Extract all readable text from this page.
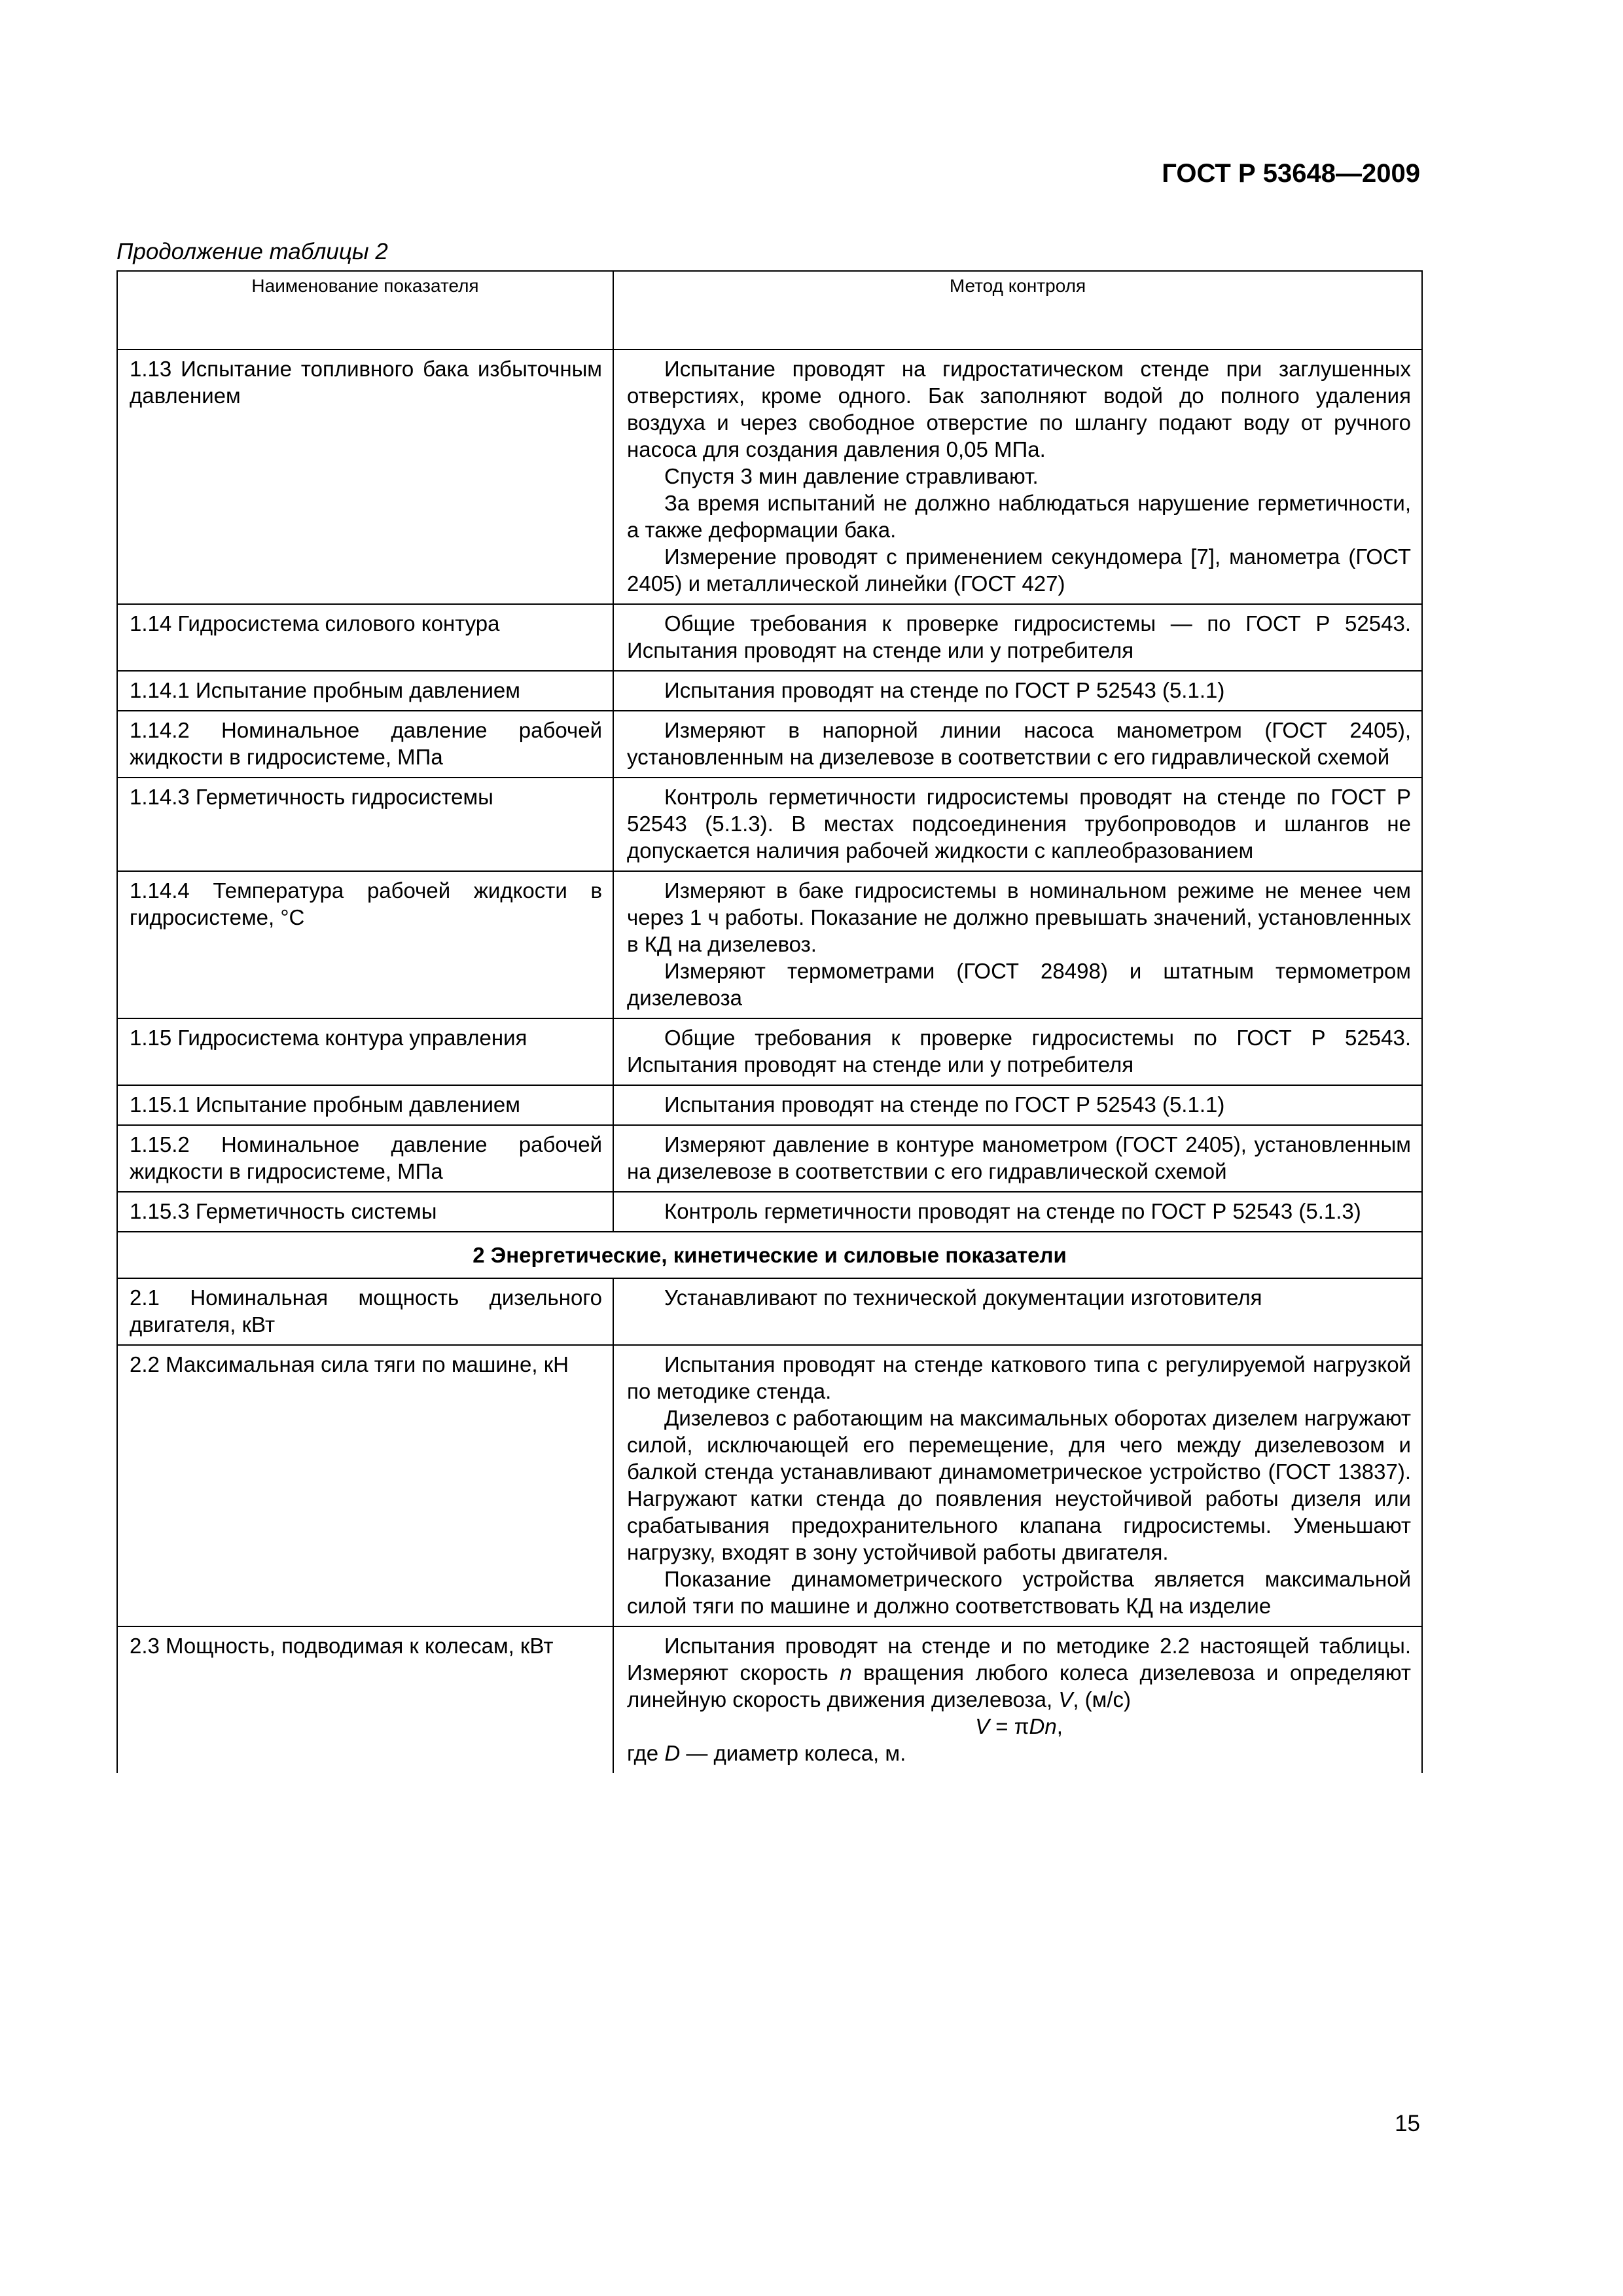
ГОСТ Р 53648—2009
Продолжение таблицы 2
Наименование показателя	Метод контроля
1.13 Испытание топливного бака избыточным давлением	Испытание проводят на гидростатическом стенде при заглушенных отверстиях, кроме одного. Бак заполняют водой до полного удаления воздуха и через свободное отверстие по шлангу подают воду от ручного насоса для создания давления 0,05 МПа.

Спустя 3 мин давление стравливают.

За время испытаний не должно наблюдаться нарушение герметичности, а также деформации бака.

Измерение проводят с применением секундомера [7], манометра (ГОСТ 2405) и металлической линейки (ГОСТ 427)

1.14 Гидросистема силового контура	Общие требования к проверке гидросистемы — по ГОСТ Р 52543. Испытания проводят на стенде или у потребителя

1.14.1 Испытание пробным давлением	Испытания проводят на стенде по ГОСТ Р 52543 (5.1.1)

1.14.2 Номинальное давление рабочей жидкости в гидросистеме, МПа	Измеряют в напорной линии насоса манометром (ГОСТ 2405), установленным на дизелевозе в соответствии с его гидравлической схемой

1.14.3 Герметичность гидросистемы	Контроль герметичности гидросистемы проводят на стенде по ГОСТ Р 52543 (5.1.3). В местах подсоединения трубопроводов и шлангов не допускается наличия рабочей жидкости с каплеобразованием

1.14.4 Температура рабочей жидкости в гидросистеме, °С	Измеряют в баке гидросистемы в номинальном режиме не менее чем через 1 ч работы. Показание не должно превышать значений, установленных в КД на дизелевоз.

Измеряют термометрами (ГОСТ 28498) и штатным термометром дизелевоза

1.15 Гидросистема контура управления	Общие требования к проверке гидросистемы по ГОСТ Р 52543. Испытания проводят на стенде или у потребителя

1.15.1 Испытание пробным давлением	Испытания проводят на стенде по ГОСТ Р 52543 (5.1.1)

1.15.2 Номинальное давление рабочей жидкости в гидросистеме, МПа	Измеряют давление в контуре манометром (ГОСТ 2405), установленным на дизелевозе в соответствии с его гидравлической схемой

1.15.3 Герметичность системы	Контроль герметичности проводят на стенде по ГОСТ Р 52543 (5.1.3)

2 Энергетические, кинетические и силовые показатели	
2.1 Номинальная мощность дизельного двигателя, кВт	Устанавливают по технической документации изготовителя

2.2 Максимальная сила тяги по машине, кН	Испытания проводят на стенде каткового типа с регулируемой нагрузкой по методике стенда.

Дизелевоз с работающим на максимальных оборотах дизелем нагружают силой, исключающей его перемещение, для чего между дизелевозом и балкой стенда устанавливают динамометрическое устройство (ГОСТ 13837). Нагружают катки стенда до появления неустойчивой работы дизеля или срабатывания предохранительного клапана гидросистемы. Уменьшают нагрузку, входят в зону устойчивой работы двигателя.

Показание динамометрического устройства является максимальной силой тяги по машине и должно соответствовать КД на изделие

2.3 Мощность, подводимая к колесам, кВт	Испытания проводят на стенде и по методике 2.2 настоящей таблицы. Измеряют скорость n вращения любого колеса дизелевоза и определяют линейную скорость движения дизелевоза, V, (м/с)

V = πDn,

где D — диаметр колеса, м.

15
